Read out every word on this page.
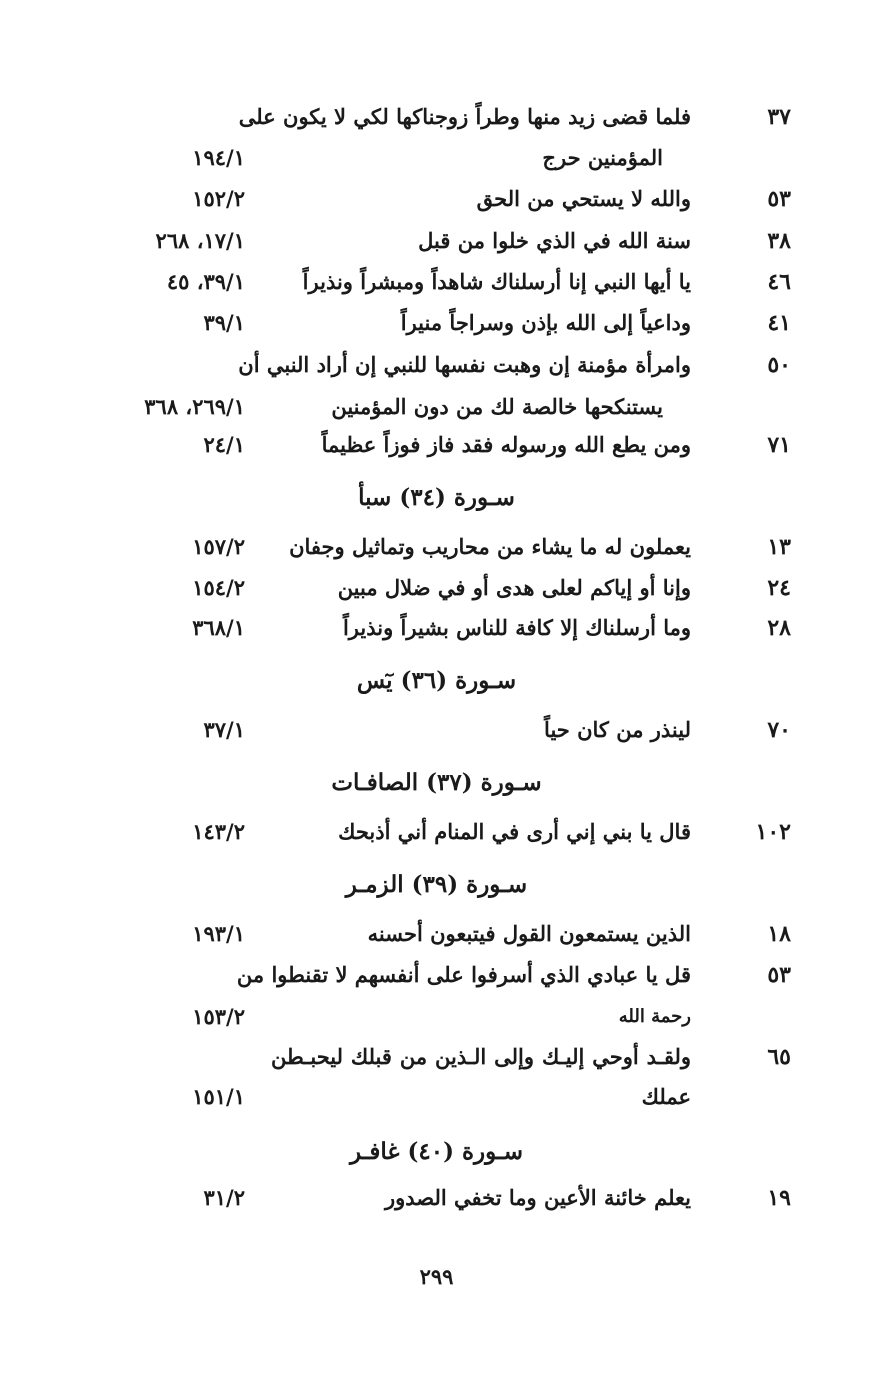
٣٧
فلما قضى زيد منها وطراً زوجناكها لكي لا يكون على
المؤمنين حرج
١٩٤/١
٥٣
والله لا يستحي من الحق
١٥٢/٢
٣٨
سنة الله في الذي خلوا من قبل
١٧/١، ٢٦٨
٤٦
يا أيها النبي إنا أرسلناك شاهداً ومبشراً ونذيراً
٣٩/١، ٤٥
٤١
وداعياً إلى الله بإذن وسراجاً منيراً
٣٩/١
٥٠
وامرأة مؤمنة إن وهبت نفسها للنبي إن أراد النبي أن
يستنكحها خالصة لك من دون المؤمنين
٢٦٩/١، ٣٦٨
٧١
ومن يطع الله ورسوله فقد فاز فوزاً عظيماً
٢٤/١
سـورة (٣٤) سبأ
١٣
يعملون له ما يشاء من محاريب وتماثيل وجفان
١٥٧/٢
٢٤
وإنا أو إياكم لعلى هدى أو في ضلال مبين
١٥٤/٢
٢٨
وما أرسلناك إلا كافة للناس بشيراً ونذيراً
٣٦٨/١
سـورة (٣٦) يٓس
٧٠
لينذر من كان حياً
٣٧/١
سـورة (٣٧) الصافـات
١٠٢
قال يا بني إني أرى في المنام أني أذبحك
١٤٣/٢
سـورة (٣٩) الزمـر
١٨
الذين يستمعون القول فيتبعون أحسنه
١٩٣/١
٥٣
قل يا عبادي الذي أسرفوا على أنفسهم لا تقنطوا من
رحمة الله
١٥٣/٢
٦٥
ولقـد أوحي إليـك وإلى الـذين من قبلك ليحبـطن
عملك
١٥١/١
سـورة (٤٠) غافـر
١٩
يعلم خائنة الأعين وما تخفي الصدور
٣١/٢
٢٩٩
